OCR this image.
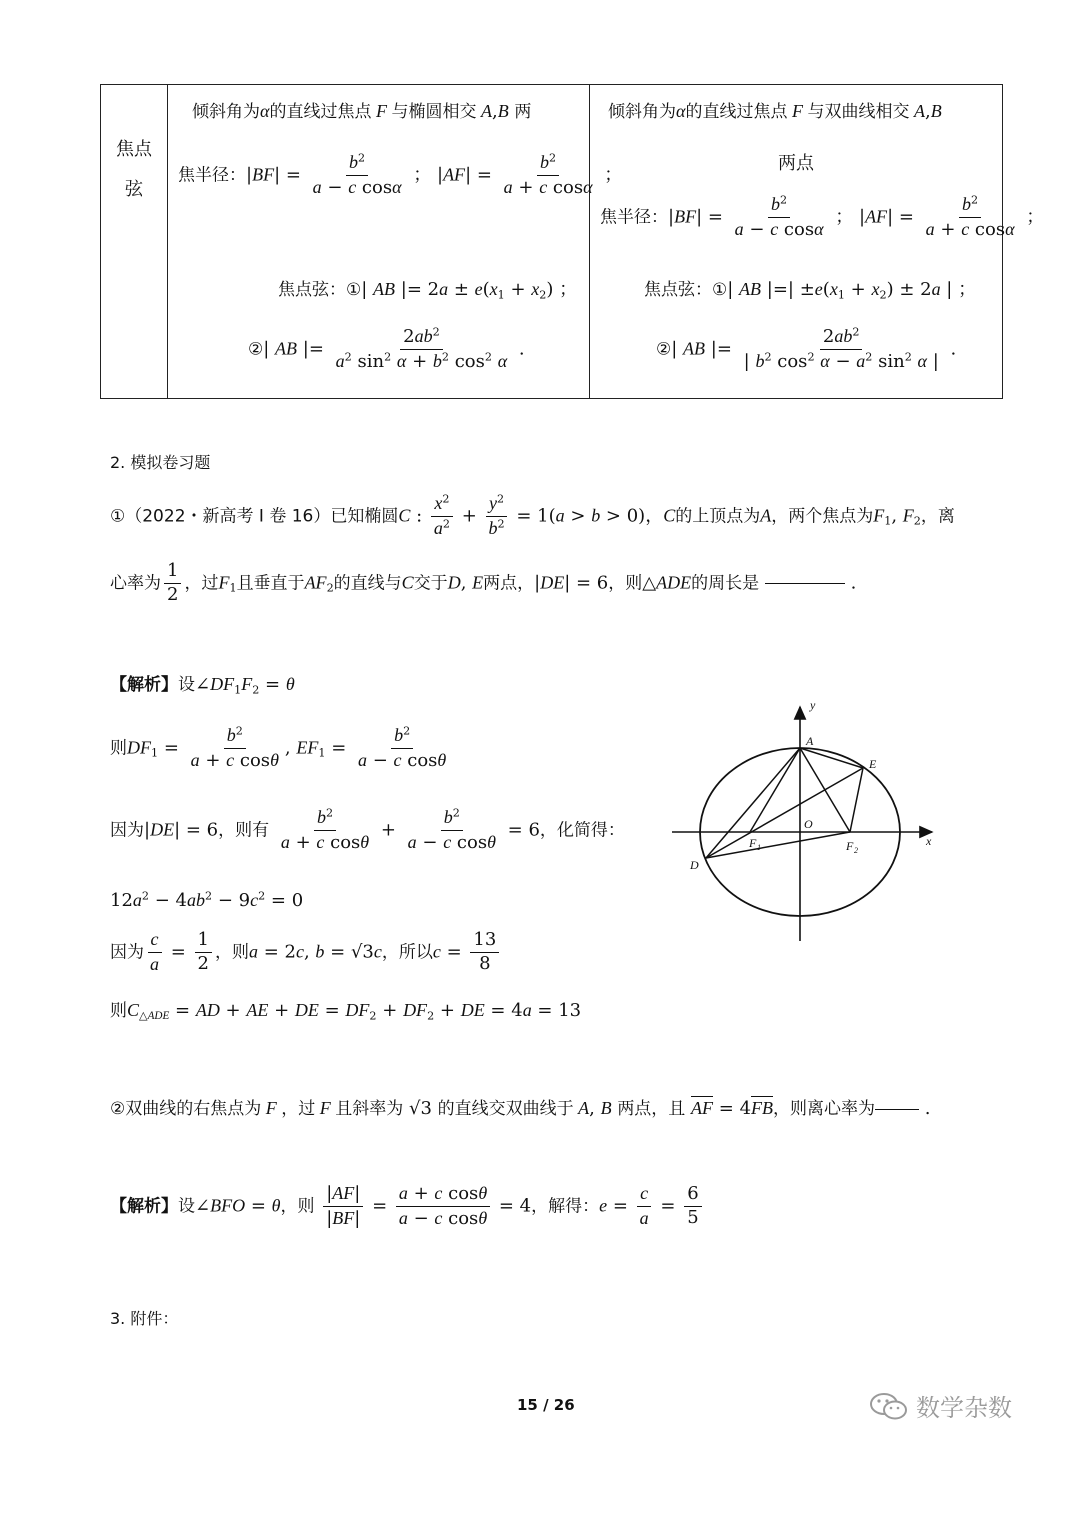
焦点
弦

倾斜角为α的直线过焦点 F 与椭圆相交 A,B 两
焦半径：$|BF| = \frac{b^2}{\text{a − c cosα}}$ ； $|AF| = \frac{b^2}{\text{a + c cosα}}$ ；
焦点弦：①| AB |= $2a \pm e(x_1 + x_2)$ ；
②| AB |= $\frac{2ab^2}{a^2 \sin^2 \alpha + b^2 \cos^2 \alpha}$ .

倾斜角为α的直线过焦点 F 与双曲线相交 A,B
两点
焦半径：$|BF| = \frac{b^2}{\text{a − c cosα}}$ ； $|AF| = \frac{b^2}{\text{a + c cosα}}$ ；
焦点弦：①| AB |=| $\pm e(x_1 + x_2) \pm 2a$ | ；
②| AB |= $\frac{2ab^2}{| b^2 \cos^2 \alpha - a^2 \sin^2 \alpha |}$ .
2. 模拟卷习题
①（2022・新高考 I 卷 16）已知椭圆C : $\frac{x^2}{a^2} + \frac{y^2}{b^2} = 1(a > b > 0)$，C的上顶点为A，两个焦点为$F_1$, $F_2$，离
心率为 $\frac{1}{2}$ ，过$F_1$且垂直于$AF_2$的直线与C交于D, E两点，|DE| = 6，则△ADE的周长是	.
【解析】设$\angle DF_1F_2 = \theta$
则$DF_1 = \frac{b^2}{\text{a + c cosθ}}$ , $EF_1 = \frac{b^2}{\text{a − c cosθ}}$
因为|DE| = 6，则有 $\frac{b^2}{\text{a + c cosθ}} + \frac{b^2}{\text{a − c cosθ}} = 6$，化简得：
$12a^2 - 4ab^2 - 9c^2 = 0$
因为 $\frac{c}{a} = \frac{1}{2}$ ，则a = 2c, b = √3c，所以$c = \frac{13}{8}$
则$C_{\triangle ADE}$ = AD + AE + DE = $DF_2 + DF_2$ + DE = 4a = 13
②双曲线的右焦点为 F ，过 F 且斜率为 √3 的直线交双曲线于 A, B 两点，且 AF = 4FB，则离心率为 .
【解析】设∠BFO = θ，则 $\frac{|AF|}{|BF|} = \frac{\text{a + c cosθ}}{\text{a − c cosθ}} = 4$，解得：$e = \frac{c}{a} = \frac{6}{5}$
3. 附件：
15 / 26	数学杂数
y
x
A
E
O
F 1	F 2
D
